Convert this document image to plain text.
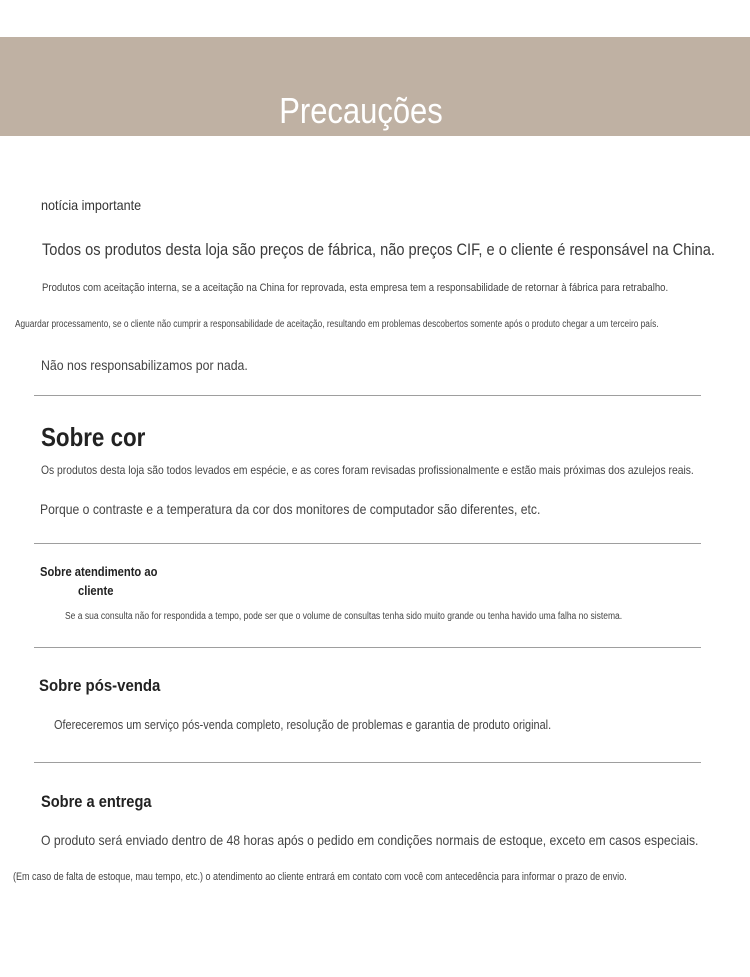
Precauções

notícia importante

Todos os produtos desta loja são preços de fábrica, não preços CIF, e o cliente é responsável na China.

Produtos com aceitação interna, se a aceitação na China for reprovada, esta empresa tem a responsabilidade de retornar à fábrica para retrabalho.

Aguardar processamento, se o cliente não cumprir a responsabilidade de aceitação, resultando em problemas descobertos somente após o produto chegar a um terceiro país.

Não nos responsabilizamos por nada.

Sobre cor

Os produtos desta loja são todos levados em espécie, e as cores foram revisadas profissionalmente e estão mais próximas dos azulejos reais.

Porque o contraste e a temperatura da cor dos monitores de computador são diferentes, etc.

Sobre atendimento ao
cliente

Se a sua consulta não for respondida a tempo, pode ser que o volume de consultas tenha sido muito grande ou tenha havido uma falha no sistema.

Sobre pós-venda

Ofereceremos um serviço pós-venda completo, resolução de problemas e garantia de produto original.

Sobre a entrega

O produto será enviado dentro de 48 horas após o pedido em condições normais de estoque, exceto em casos especiais.

(Em caso de falta de estoque, mau tempo, etc.) o atendimento ao cliente entrará em contato com você com antecedência para informar o prazo de envio.
